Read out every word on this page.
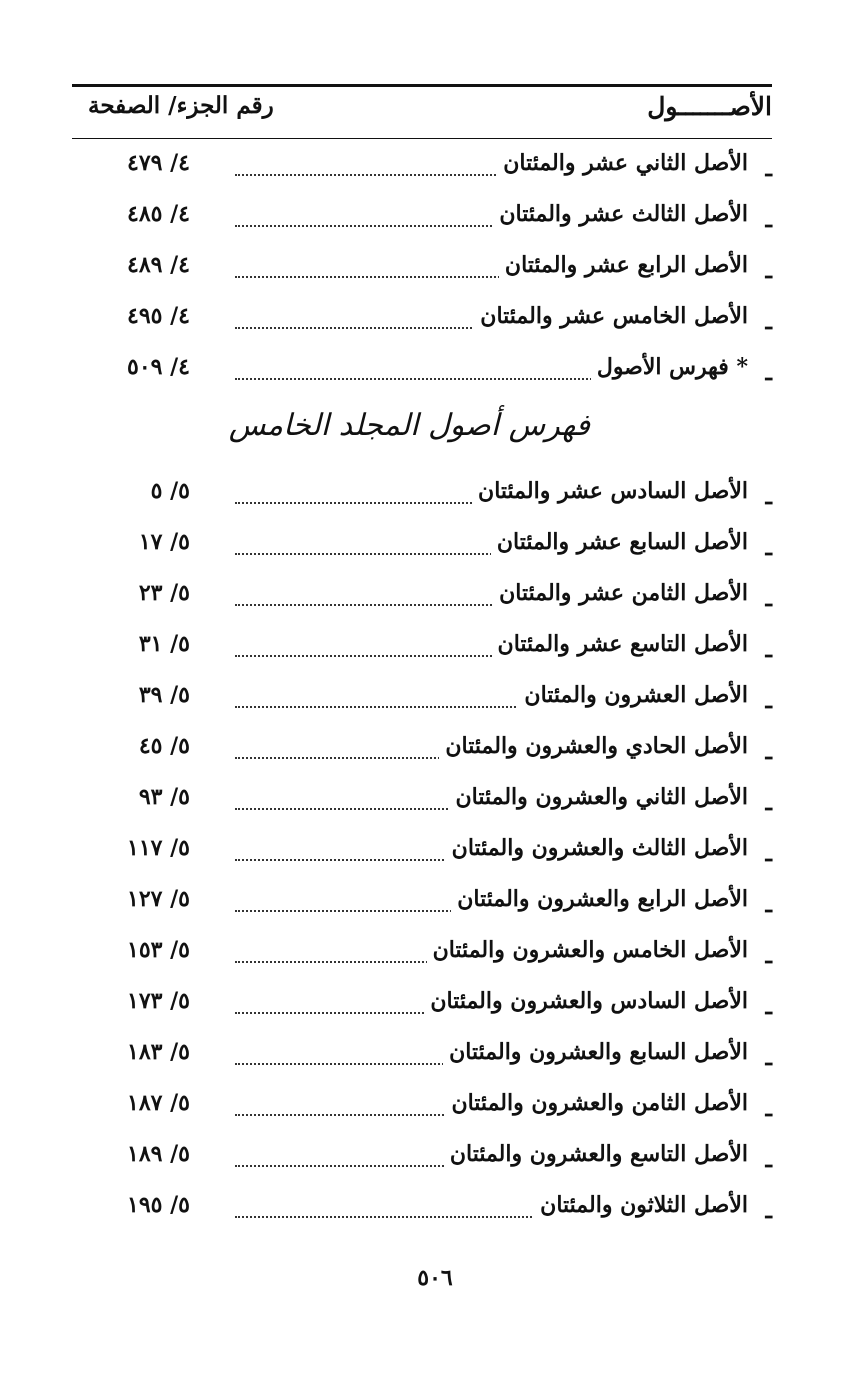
الأصـــــــول
رقم الجزء/ الصفحة
ـ
الأصل الثاني عشر والمئتان
٤/ ٤٧٩
ـ
الأصل الثالث عشر والمئتان
٤/ ٤٨٥
ـ
الأصل الرابع عشر والمئتان
٤/ ٤٨٩
ـ
الأصل الخامس عشر والمئتان
٤/ ٤٩٥
ـ
* فهرس الأصول
٤/ ٥٠٩
فهرس أصول المجلد الخامس
ـ
الأصل السادس عشر والمئتان
٥/ ٥
ـ
الأصل السابع عشر والمئتان
٥/ ١٧
ـ
الأصل الثامن عشر والمئتان
٥/ ٢٣
ـ
الأصل التاسع عشر والمئتان
٥/ ٣١
ـ
الأصل العشرون والمئتان
٥/ ٣٩
ـ
الأصل الحادي والعشرون والمئتان
٥/ ٤٥
ـ
الأصل الثاني والعشرون والمئتان
٥/ ٩٣
ـ
الأصل الثالث والعشرون والمئتان
٥/ ١١٧
ـ
الأصل الرابع والعشرون والمئتان
٥/ ١٢٧
ـ
الأصل الخامس والعشرون والمئتان
٥/ ١٥٣
ـ
الأصل السادس والعشرون والمئتان
٥/ ١٧٣
ـ
الأصل السابع والعشرون والمئتان
٥/ ١٨٣
ـ
الأصل الثامن والعشرون والمئتان
٥/ ١٨٧
ـ
الأصل التاسع والعشرون والمئتان
٥/ ١٨٩
ـ
الأصل الثلاثون والمئتان
٥/ ١٩٥
٥٠٦
